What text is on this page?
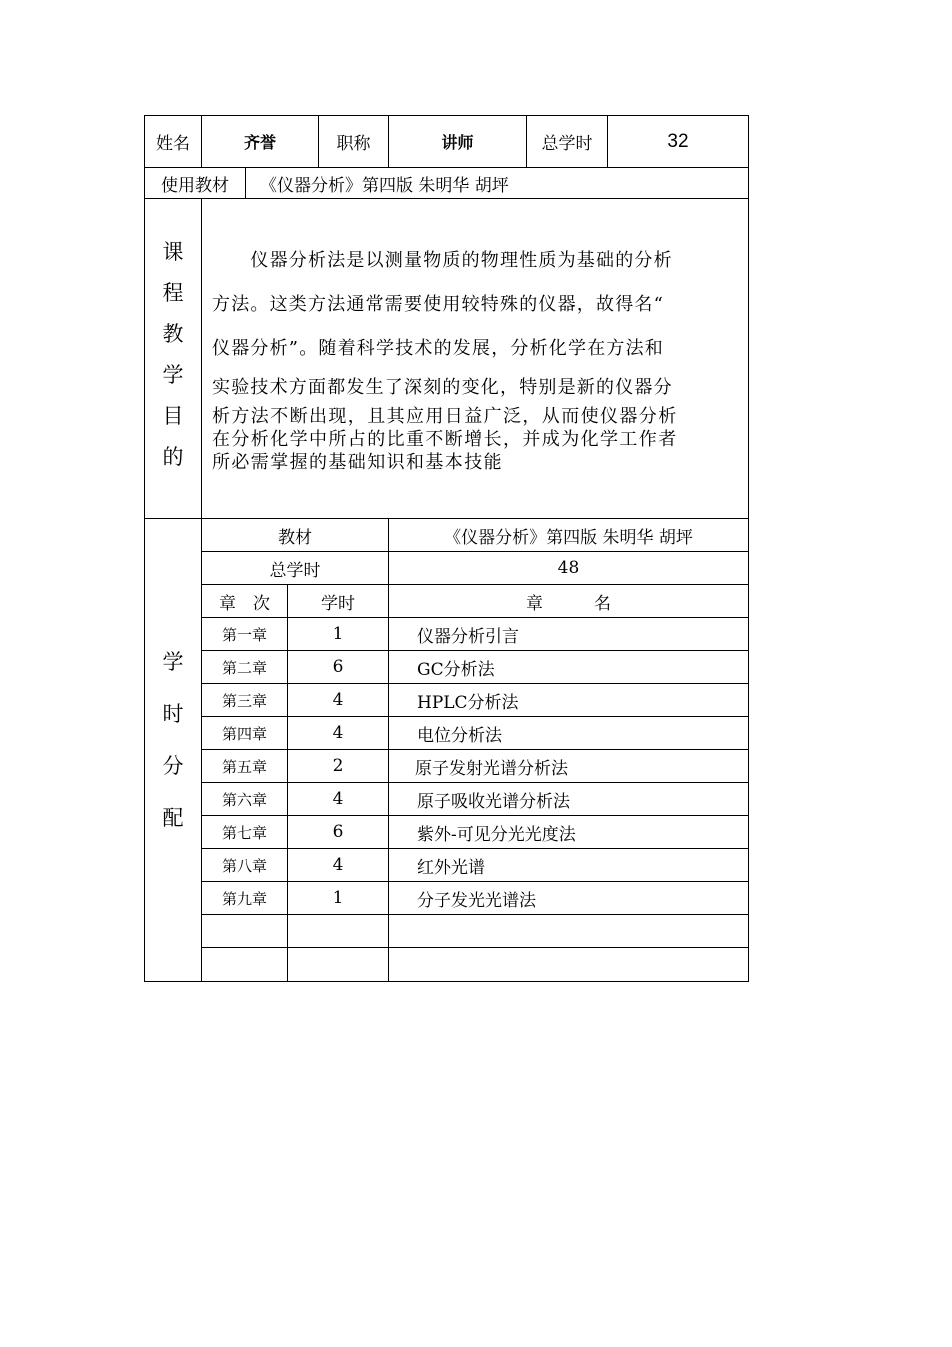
姓名	齐誉	职称	讲师	总学时	32
使用教材	《仪器分析》第四版 朱明华 胡坪
课
程
教
学
目
的
　　仪器分析法是以测量物质的物理性质为基础的分析
方法。这类方法通常需要使用较特殊的仪器，故得名“
仪器分析”。随着科学技术的发展，分析化学在方法和
实验技术方面都发生了深刻的变化，特别是新的仪器分
析方法不断出现，且其应用日益广泛，从而使仪器分析
在分析化学中所占的比重不断增长，并成为化学工作者
所必需掌握的基础知识和基本技能
学
时
分
配
教材	《仪器分析》第四版 朱明华 胡坪
总学时	48
章　次	学时	章　　　名
第一章	1	仪器分析引言
第二章	6	GC分析法
第三章	4	HPLC分析法
第四章	4	电位分析法
第五章	2	原子发射光谱分析法
第六章	4	原子吸收光谱分析法
第七章	6	紫外-可见分光光度法
第八章	4	红外光谱
第九章	1	分子发光光谱法
